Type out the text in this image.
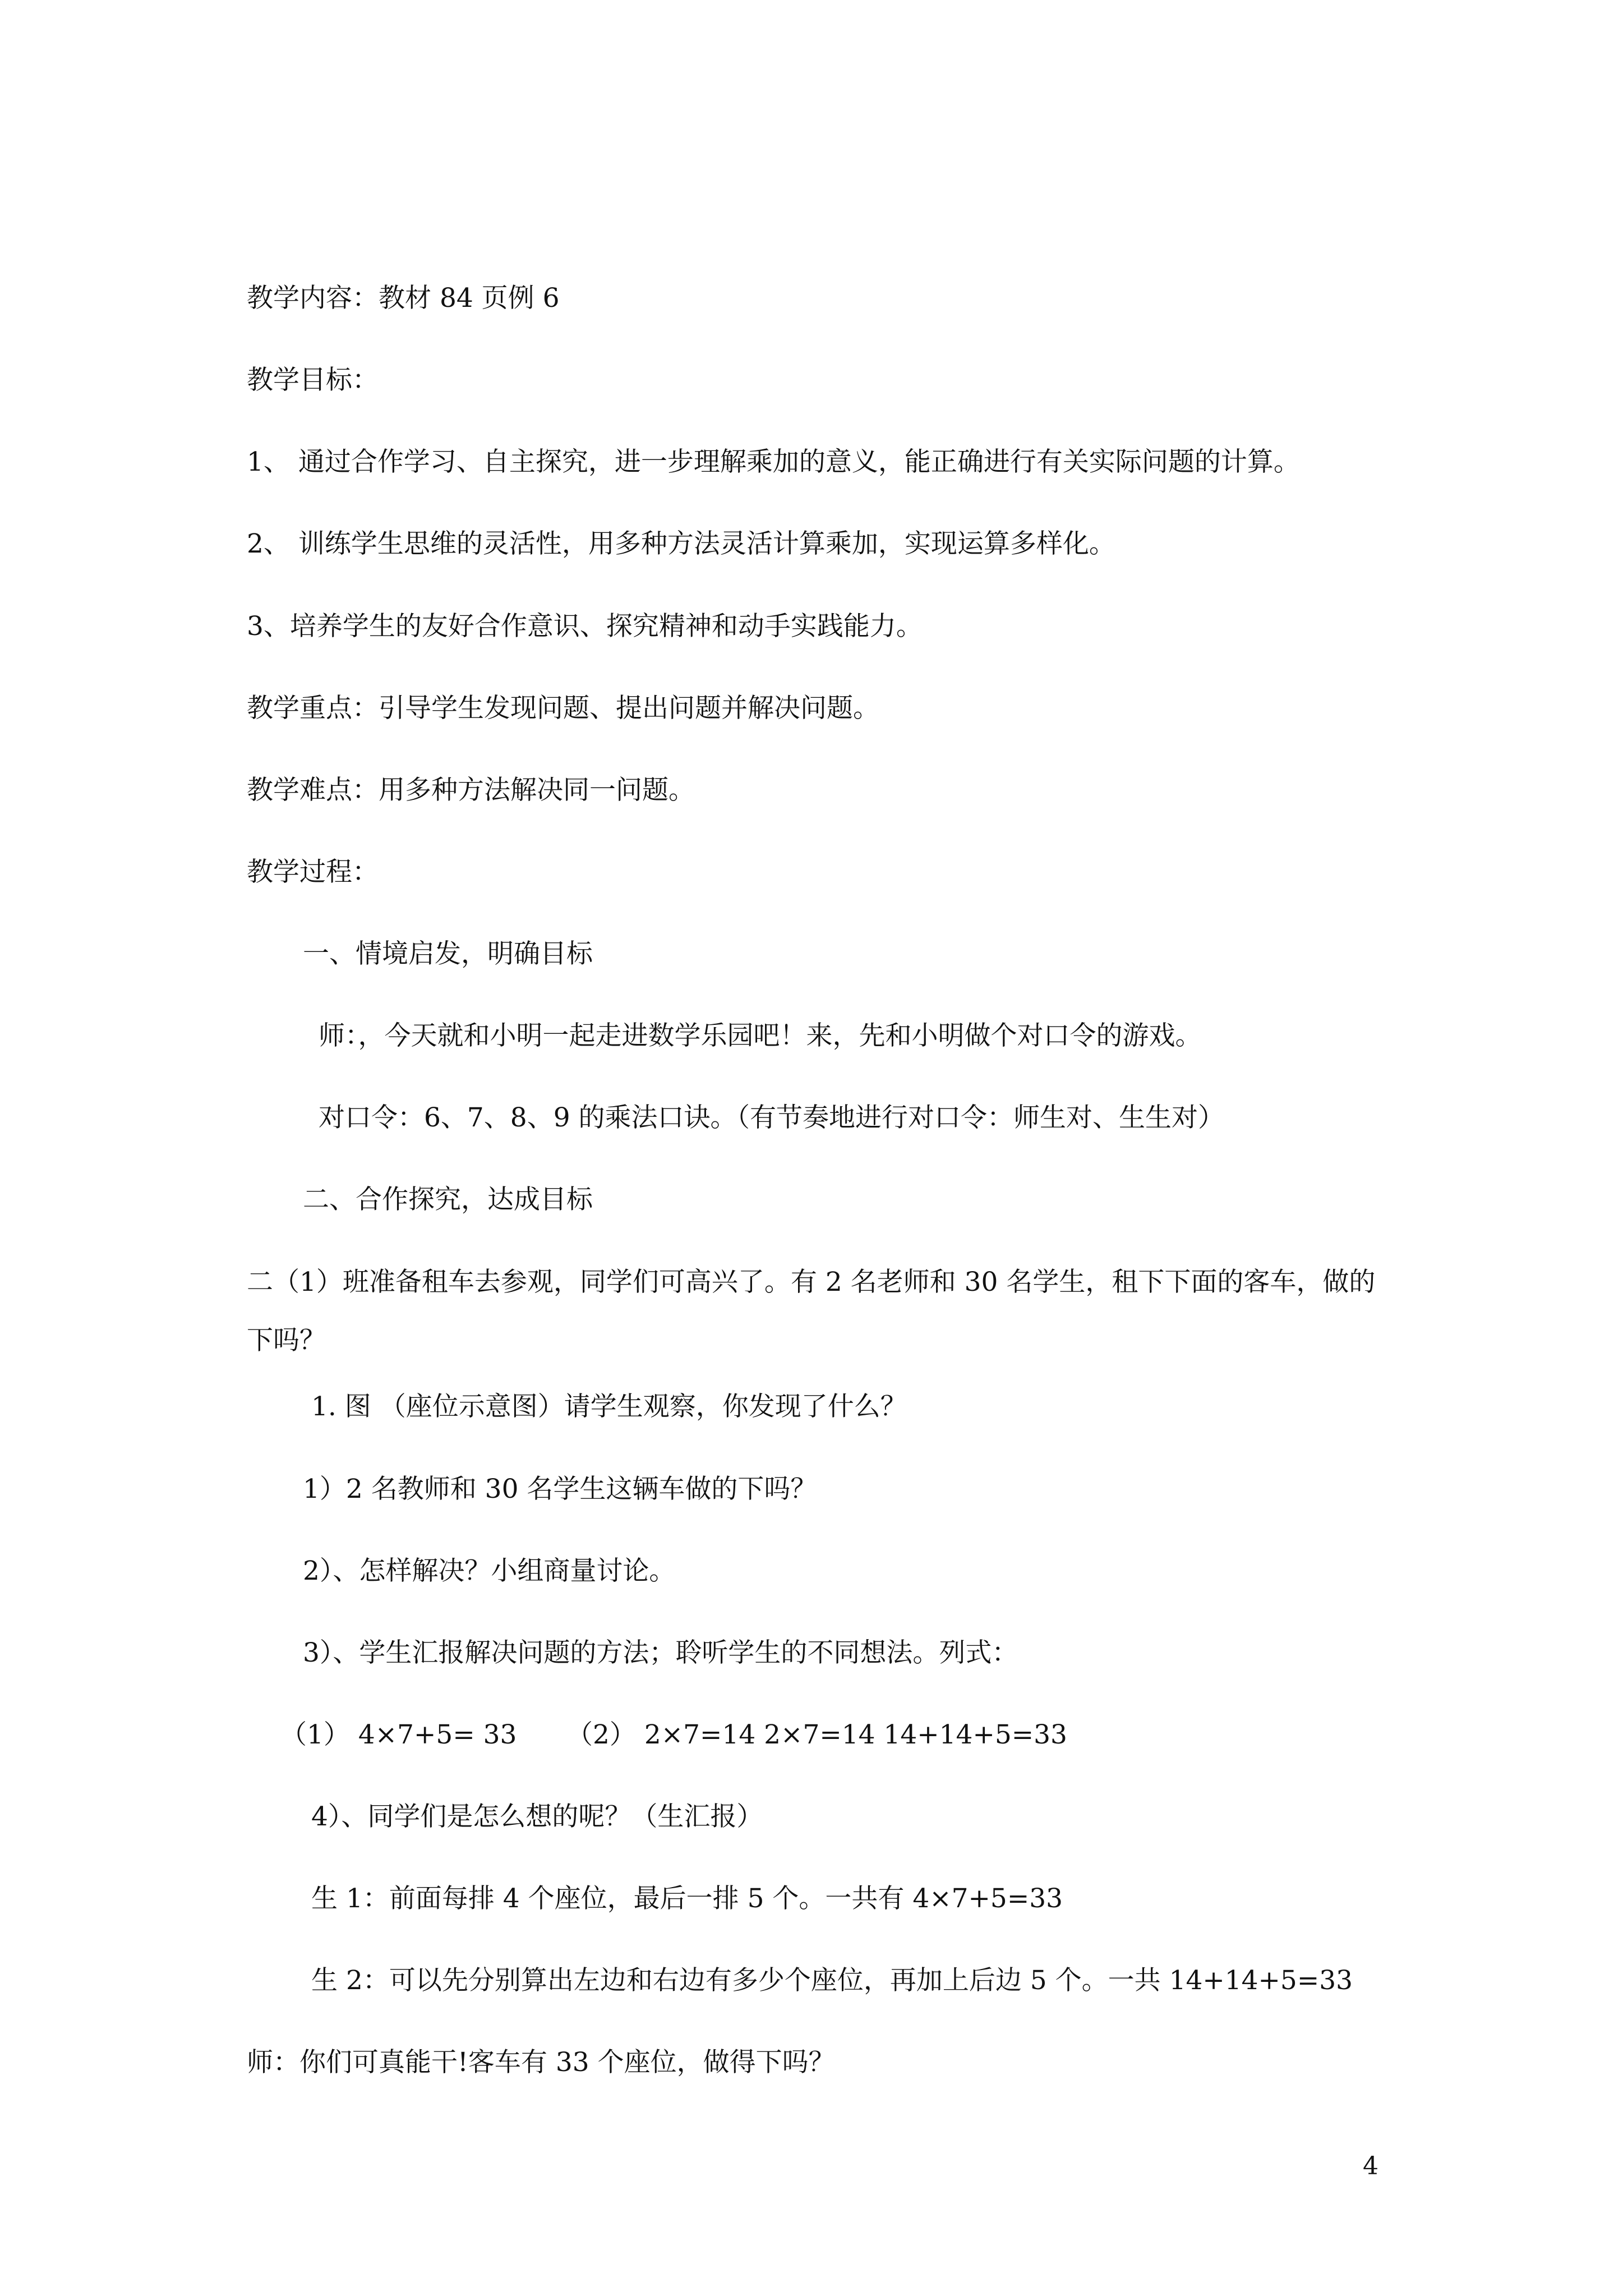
教学内容：教材 84 页例 6
教学目标：
1、 通过合作学习、自主探究，进一步理解乘加的意义，能正确进行有关实际问题的计算。
2、 训练学生思维的灵活性，用多种方法灵活计算乘加，实现运算多样化。
3、培养学生的友好合作意识、探究精神和动手实践能力。
教学重点：引导学生发现问题、提出问题并解决问题。
教学难点：用多种方法解决同一问题。
教学过程：
一、情境启发，明确目标
师：，今天就和小明一起走进数学乐园吧！来，先和小明做个对口令的游戏。
对口令：6、7、8、9 的乘法口诀。（有节奏地进行对口令：师生对、生生对）
二、合作探究，达成目标
二（1）班准备租车去参观，同学们可高兴了。有 2 名老师和 30 名学生，租下下面的客车，做的下吗？
1. 图 （座位示意图）请学生观察，你发现了什么？
1）2 名教师和 30 名学生这辆车做的下吗？
2）、怎样解决？小组商量讨论。
3）、学生汇报解决问题的方法；聆听学生的不同想法。列式：
（1） 4×7+5= 33 （2） 2×7=14 2×7=14 14+14+5=33
4）、同学们是怎么想的呢？（生汇报）
生 1：前面每排 4 个座位，最后一排 5 个。一共有 4×7+5=33
生 2：可以先分别算出左边和右边有多少个座位，再加上后边 5 个。一共 14+14+5=33
师：你们可真能干!客车有 33 个座位，做得下吗？
4
